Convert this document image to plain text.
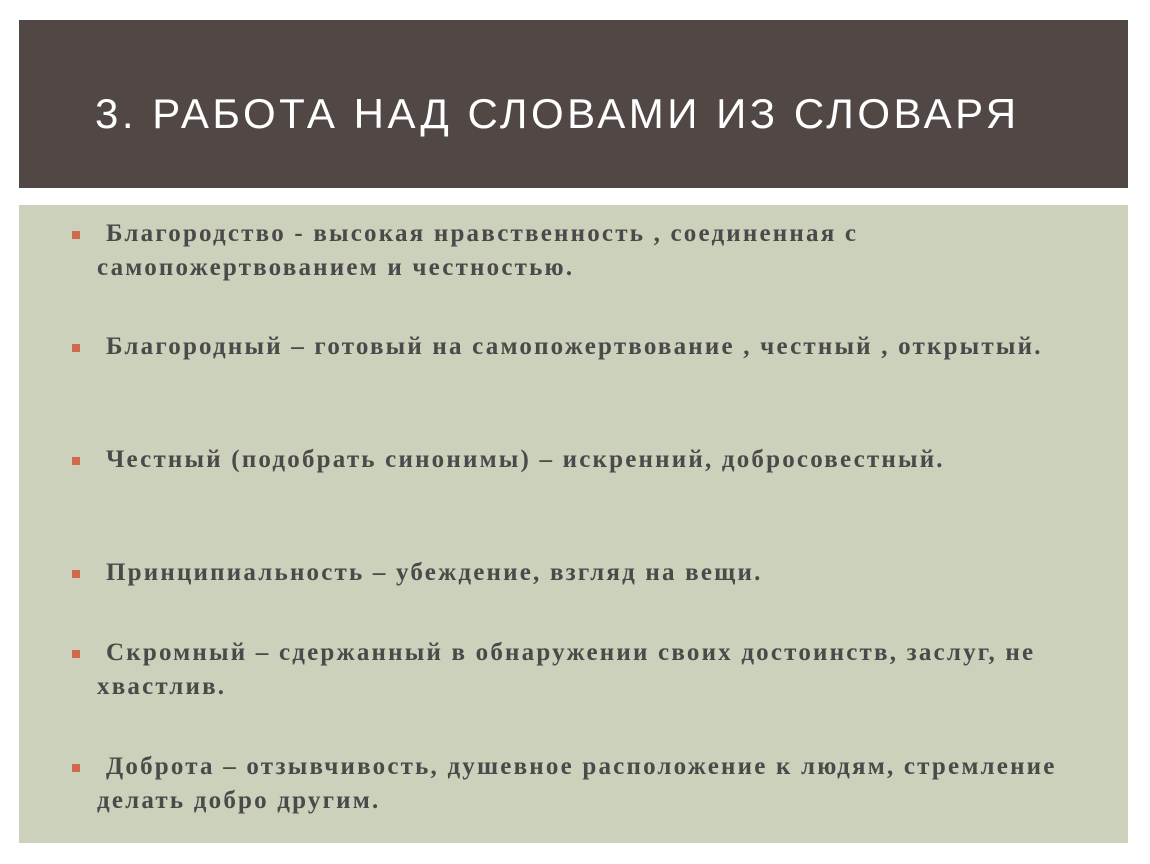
3. РАБОТА НАД СЛОВАМИ ИЗ СЛОВАРЯ
Благородство - высокая нравственность , соединенная с самопожертвованием и честностью.
Благородный – готовый на самопожертвование , честный , открытый.
Честный (подобрать синонимы) – искренний, добросовестный.
Принципиальность – убеждение, взгляд на вещи.
Скромный – сдержанный в обнаружении своих достоинств, заслуг, не хвастлив.
Доброта – отзывчивость, душевное расположение к людям, стремление делать добро другим.
